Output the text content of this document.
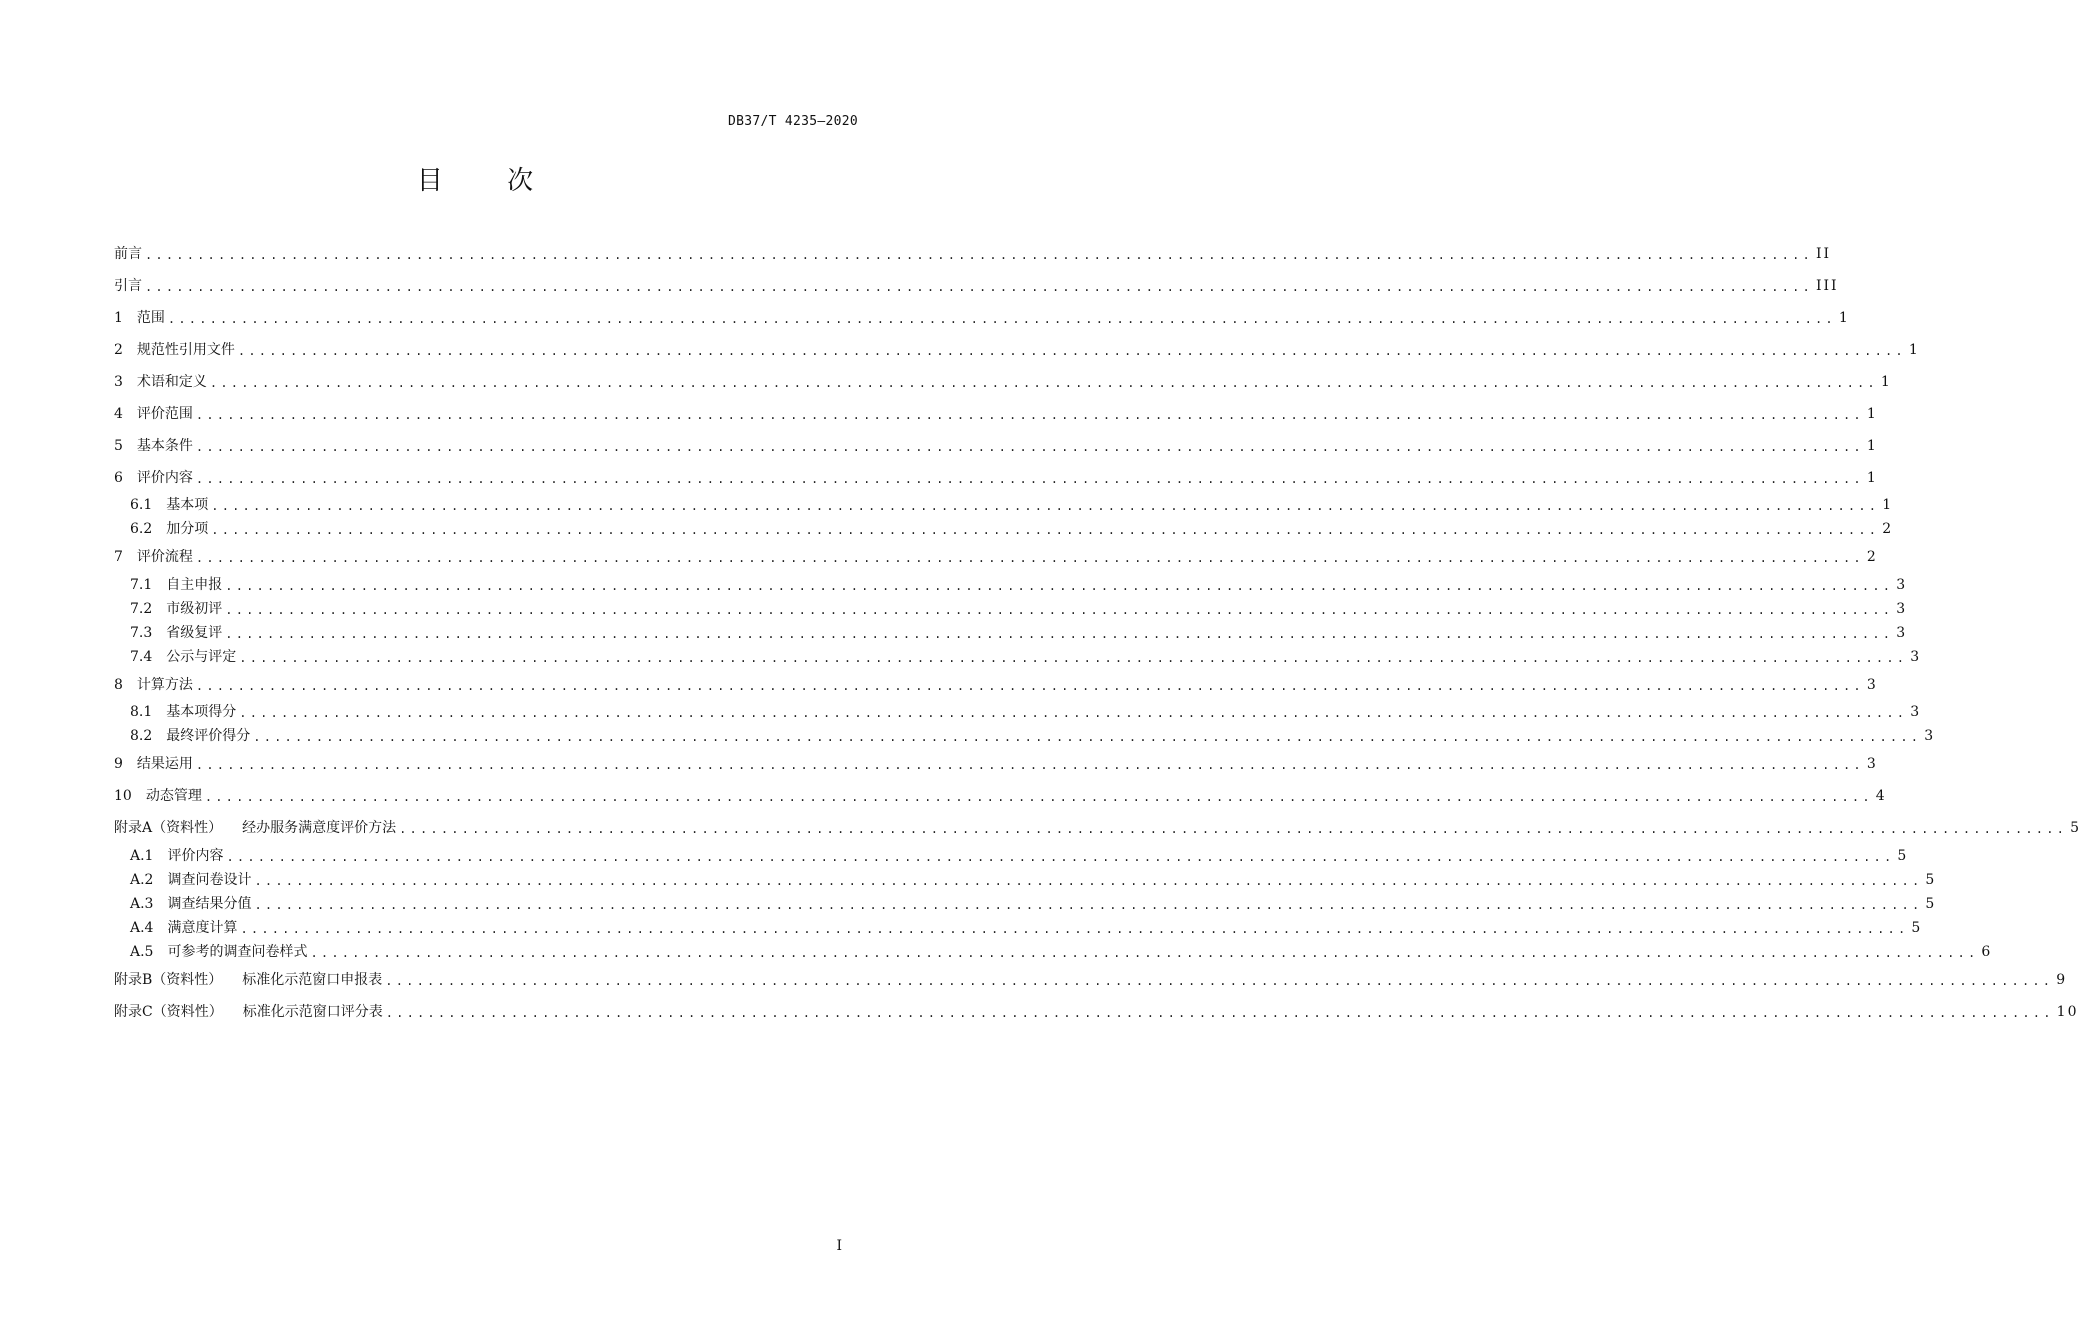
DB37/T 4235—2020
目 次
前言 ................................................................................................................................................................ II
引言 ................................................................................................................................................................ III
1 范围 ................................................................................................................................................................ 1
2 规范性引用文件 ................................................................................................................................................................ 1
3 术语和定义 ................................................................................................................................................................ 1
4 评价范围 ................................................................................................................................................................ 1
5 基本条件 ................................................................................................................................................................ 1
6 评价内容 ................................................................................................................................................................ 1
6.1 基本项 ................................................................................................................................................................ 1
6.2 加分项 ................................................................................................................................................................ 2
7 评价流程 ................................................................................................................................................................ 2
7.1 自主申报 ................................................................................................................................................................ 3
7.2 市级初评 ................................................................................................................................................................ 3
7.3 省级复评 ................................................................................................................................................................ 3
7.4 公示与评定 ................................................................................................................................................................ 3
8 计算方法 ................................................................................................................................................................ 3
8.1 基本项得分 ................................................................................................................................................................ 3
8.2 最终评价得分 ................................................................................................................................................................ 3
9 结果运用 ................................................................................................................................................................ 3
10 动态管理 ................................................................................................................................................................ 4
附录A（资料性） 经办服务满意度评价方法 ................................................................................................................................................................ 5
A.1 评价内容 ................................................................................................................................................................ 5
A.2 调查问卷设计 ................................................................................................................................................................ 5
A.3 调查结果分值 ................................................................................................................................................................ 5
A.4 满意度计算 ................................................................................................................................................................ 5
A.5 可参考的调查问卷样式 ................................................................................................................................................................ 6
附录B（资料性） 标准化示范窗口申报表 ................................................................................................................................................................ 9
附录C（资料性） 标准化示范窗口评分表 ................................................................................................................................................................ 10
I
